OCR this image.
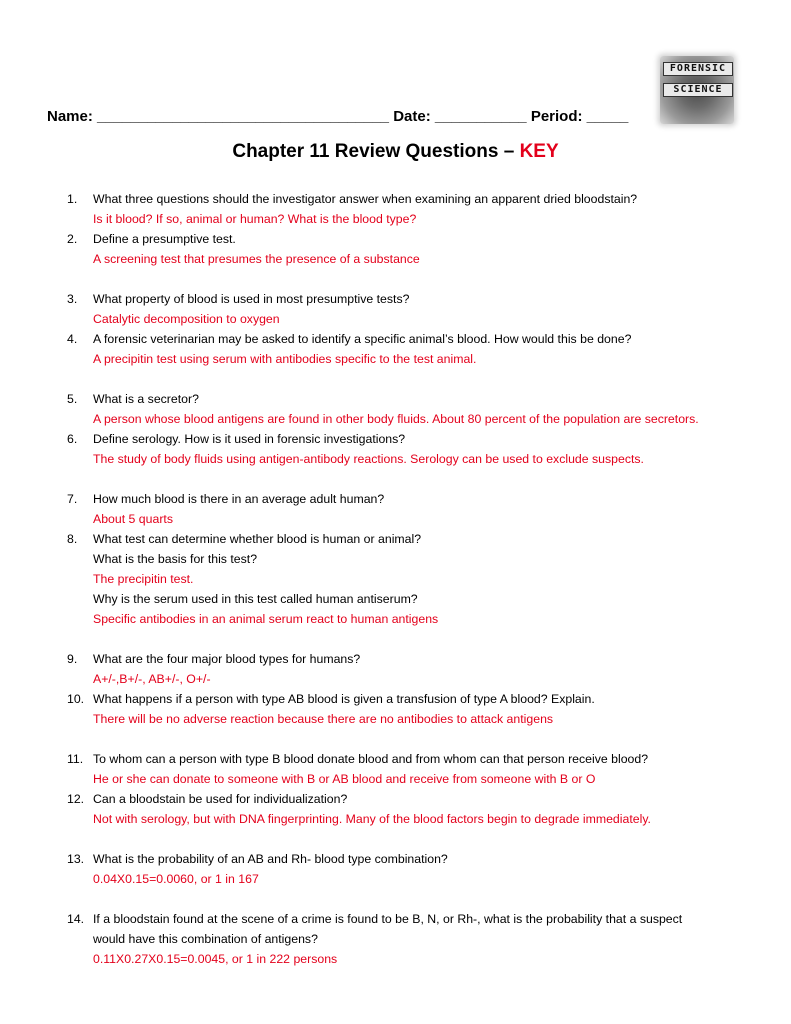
FORENSIC
SCIENCE
Name: ___________________________________ Date: ___________ Period: _____
Chapter 11 Review Questions – KEY
1. What three questions should the investigator answer when examining an apparent dried bloodstain?
Is it blood? If so, animal or human? What is the blood type?
2. Define a presumptive test.
A screening test that presumes the presence of a substance
3. What property of blood is used in most presumptive tests?
Catalytic decomposition to oxygen
4. A forensic veterinarian may be asked to identify a specific animal’s blood. How would this be done?
A precipitin test using serum with antibodies specific to the test animal.
5. What is a secretor?
A person whose blood antigens are found in other body fluids. About 80 percent of the population are secretors.
6. Define serology. How is it used in forensic investigations?
The study of body fluids using antigen-antibody reactions. Serology can be used to exclude suspects.
7. How much blood is there in an average adult human?
About 5 quarts
8. What test can determine whether blood is human or animal?
What is the basis for this test?
The precipitin test.
Why is the serum used in this test called human antiserum?
Specific antibodies in an animal serum react to human antigens
9. What are the four major blood types for humans?
A+/-,B+/-, AB+/-, O+/-
10. What happens if a person with type AB blood is given a transfusion of type A blood? Explain.
There will be no adverse reaction because there are no antibodies to attack antigens
11. To whom can a person with type B blood donate blood and from whom can that person receive blood?
He or she can donate to someone with B or AB blood and receive from someone with B or O
12. Can a bloodstain be used for individualization?
Not with serology, but with DNA fingerprinting. Many of the blood factors begin to degrade immediately.
13. What is the probability of an AB and Rh- blood type combination?
0.04X0.15=0.0060, or 1 in 167
14. If a bloodstain found at the scene of a crime is found to be B, N, or Rh-, what is the probability that a suspect
would have this combination of antigens?
0.11X0.27X0.15=0.0045, or 1 in 222 persons
